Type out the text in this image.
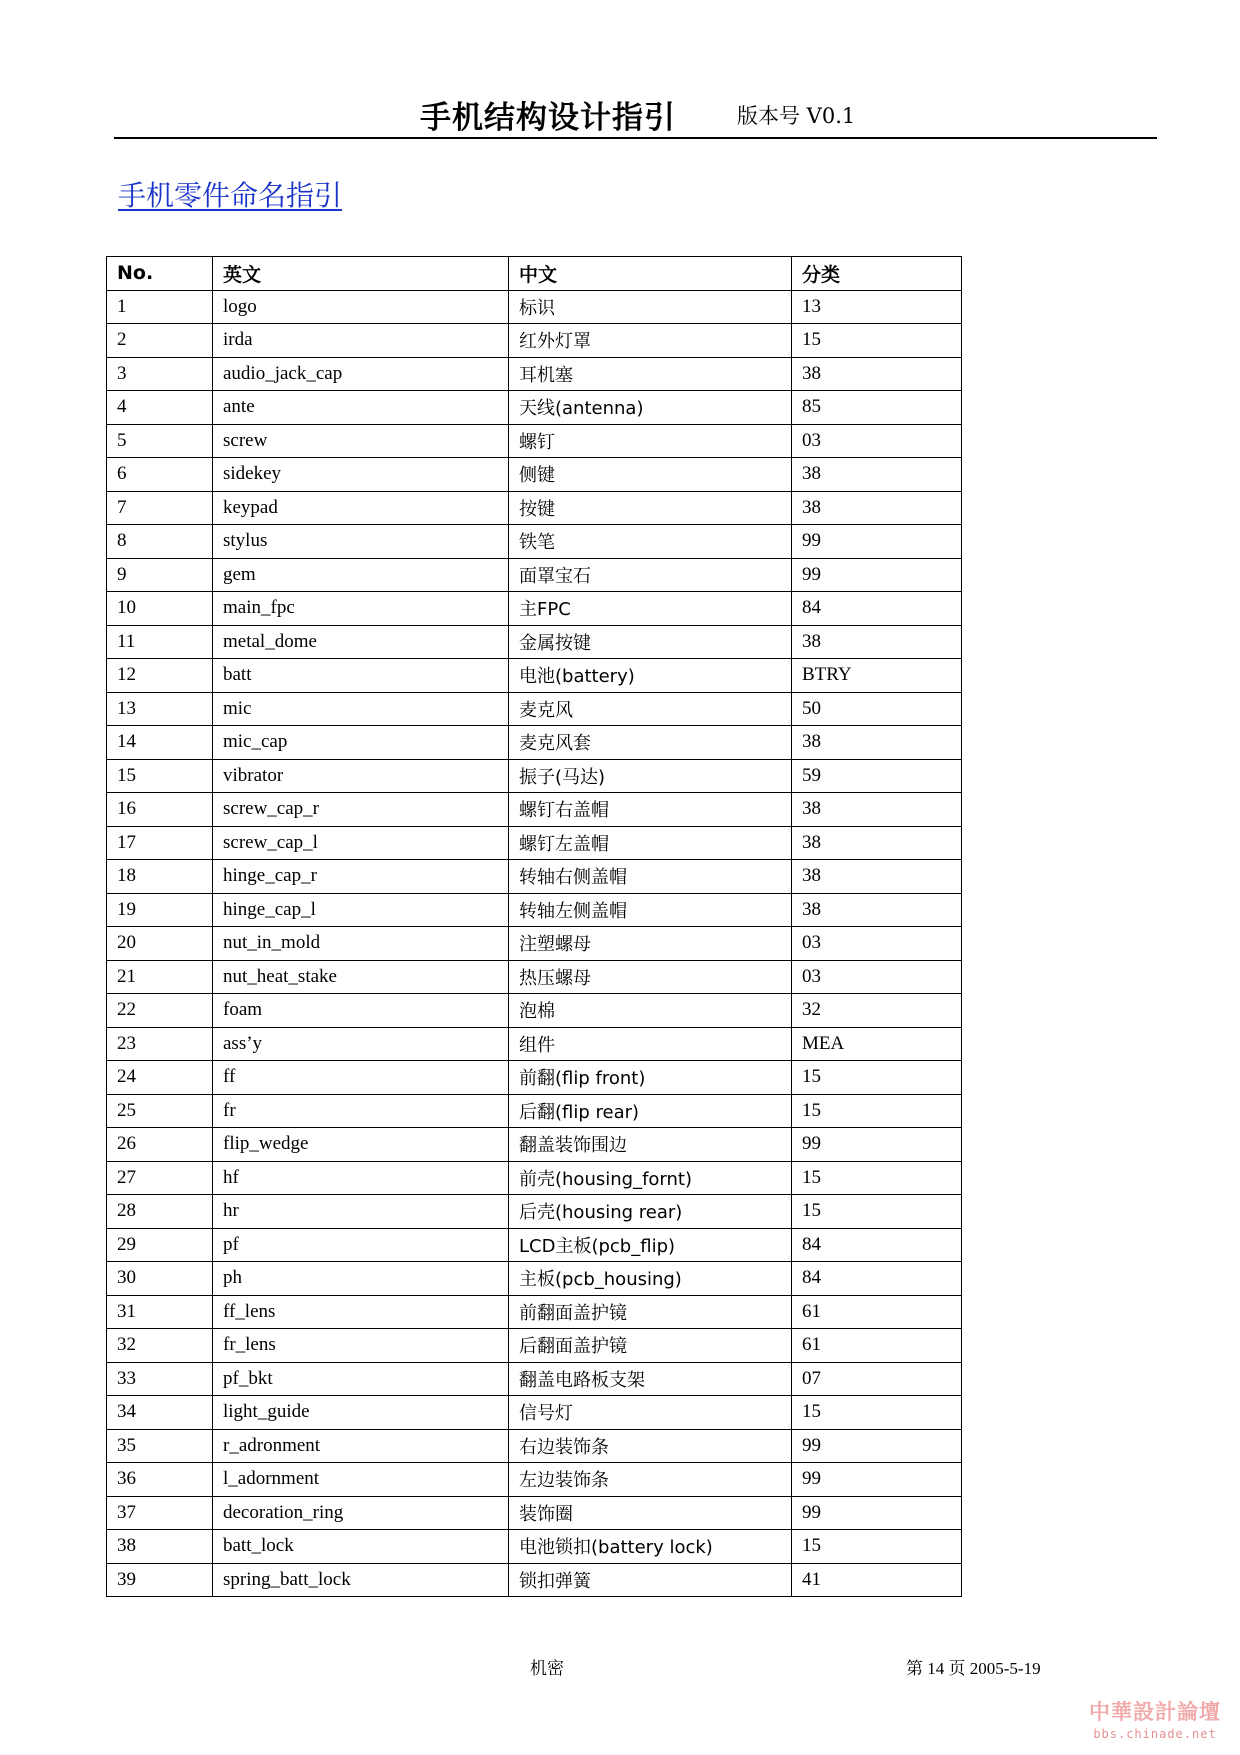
手机结构设计指引	版本号 V0.1
手机零件命名指引
No.	英文	中文	分类
1	logo	标识	13
2	irda	红外灯罩	15
3	audio_jack_cap	耳机塞	38
4	ante	天线(antenna)	85
5	screw	螺钉	03
6	sidekey	侧键	38
7	keypad	按键	38
8	stylus	铁笔	99
9	gem	面罩宝石	99
10	main_fpc	主FPC	84
11	metal_dome	金属按键	38
12	batt	电池(battery)	BTRY
13	mic	麦克风	50
14	mic_cap	麦克风套	38
15	vibrator	振子(马达)	59
16	screw_cap_r	螺钉右盖帽	38
17	screw_cap_l	螺钉左盖帽	38
18	hinge_cap_r	转轴右侧盖帽	38
19	hinge_cap_l	转轴左侧盖帽	38
20	nut_in_mold	注塑螺母	03
21	nut_heat_stake	热压螺母	03
22	foam	泡棉	32
23	ass’y	组件	MEA
24	ff	前翻(flip front)	15
25	fr	后翻(flip rear)	15
26	flip_wedge	翻盖装饰围边	99
27	hf	前壳(housing_fornt)	15
28	hr	后壳(housing rear)	15
29	pf	LCD主板(pcb_flip)	84
30	ph	主板(pcb_housing)	84
31	ff_lens	前翻面盖护镜	61
32	fr_lens	后翻面盖护镜	61
33	pf_bkt	翻盖电路板支架	07
34	light_guide	信号灯	15
35	r_adronment	右边装饰条	99
36	l_adornment	左边装饰条	99
37	decoration_ring	装饰圈	99
38	batt_lock	电池锁扣(battery lock)	15
39	spring_batt_lock	锁扣弹簧	41
机密	第 14 页 2005-5-19
中華設計論壇
bbs.chinade.net
